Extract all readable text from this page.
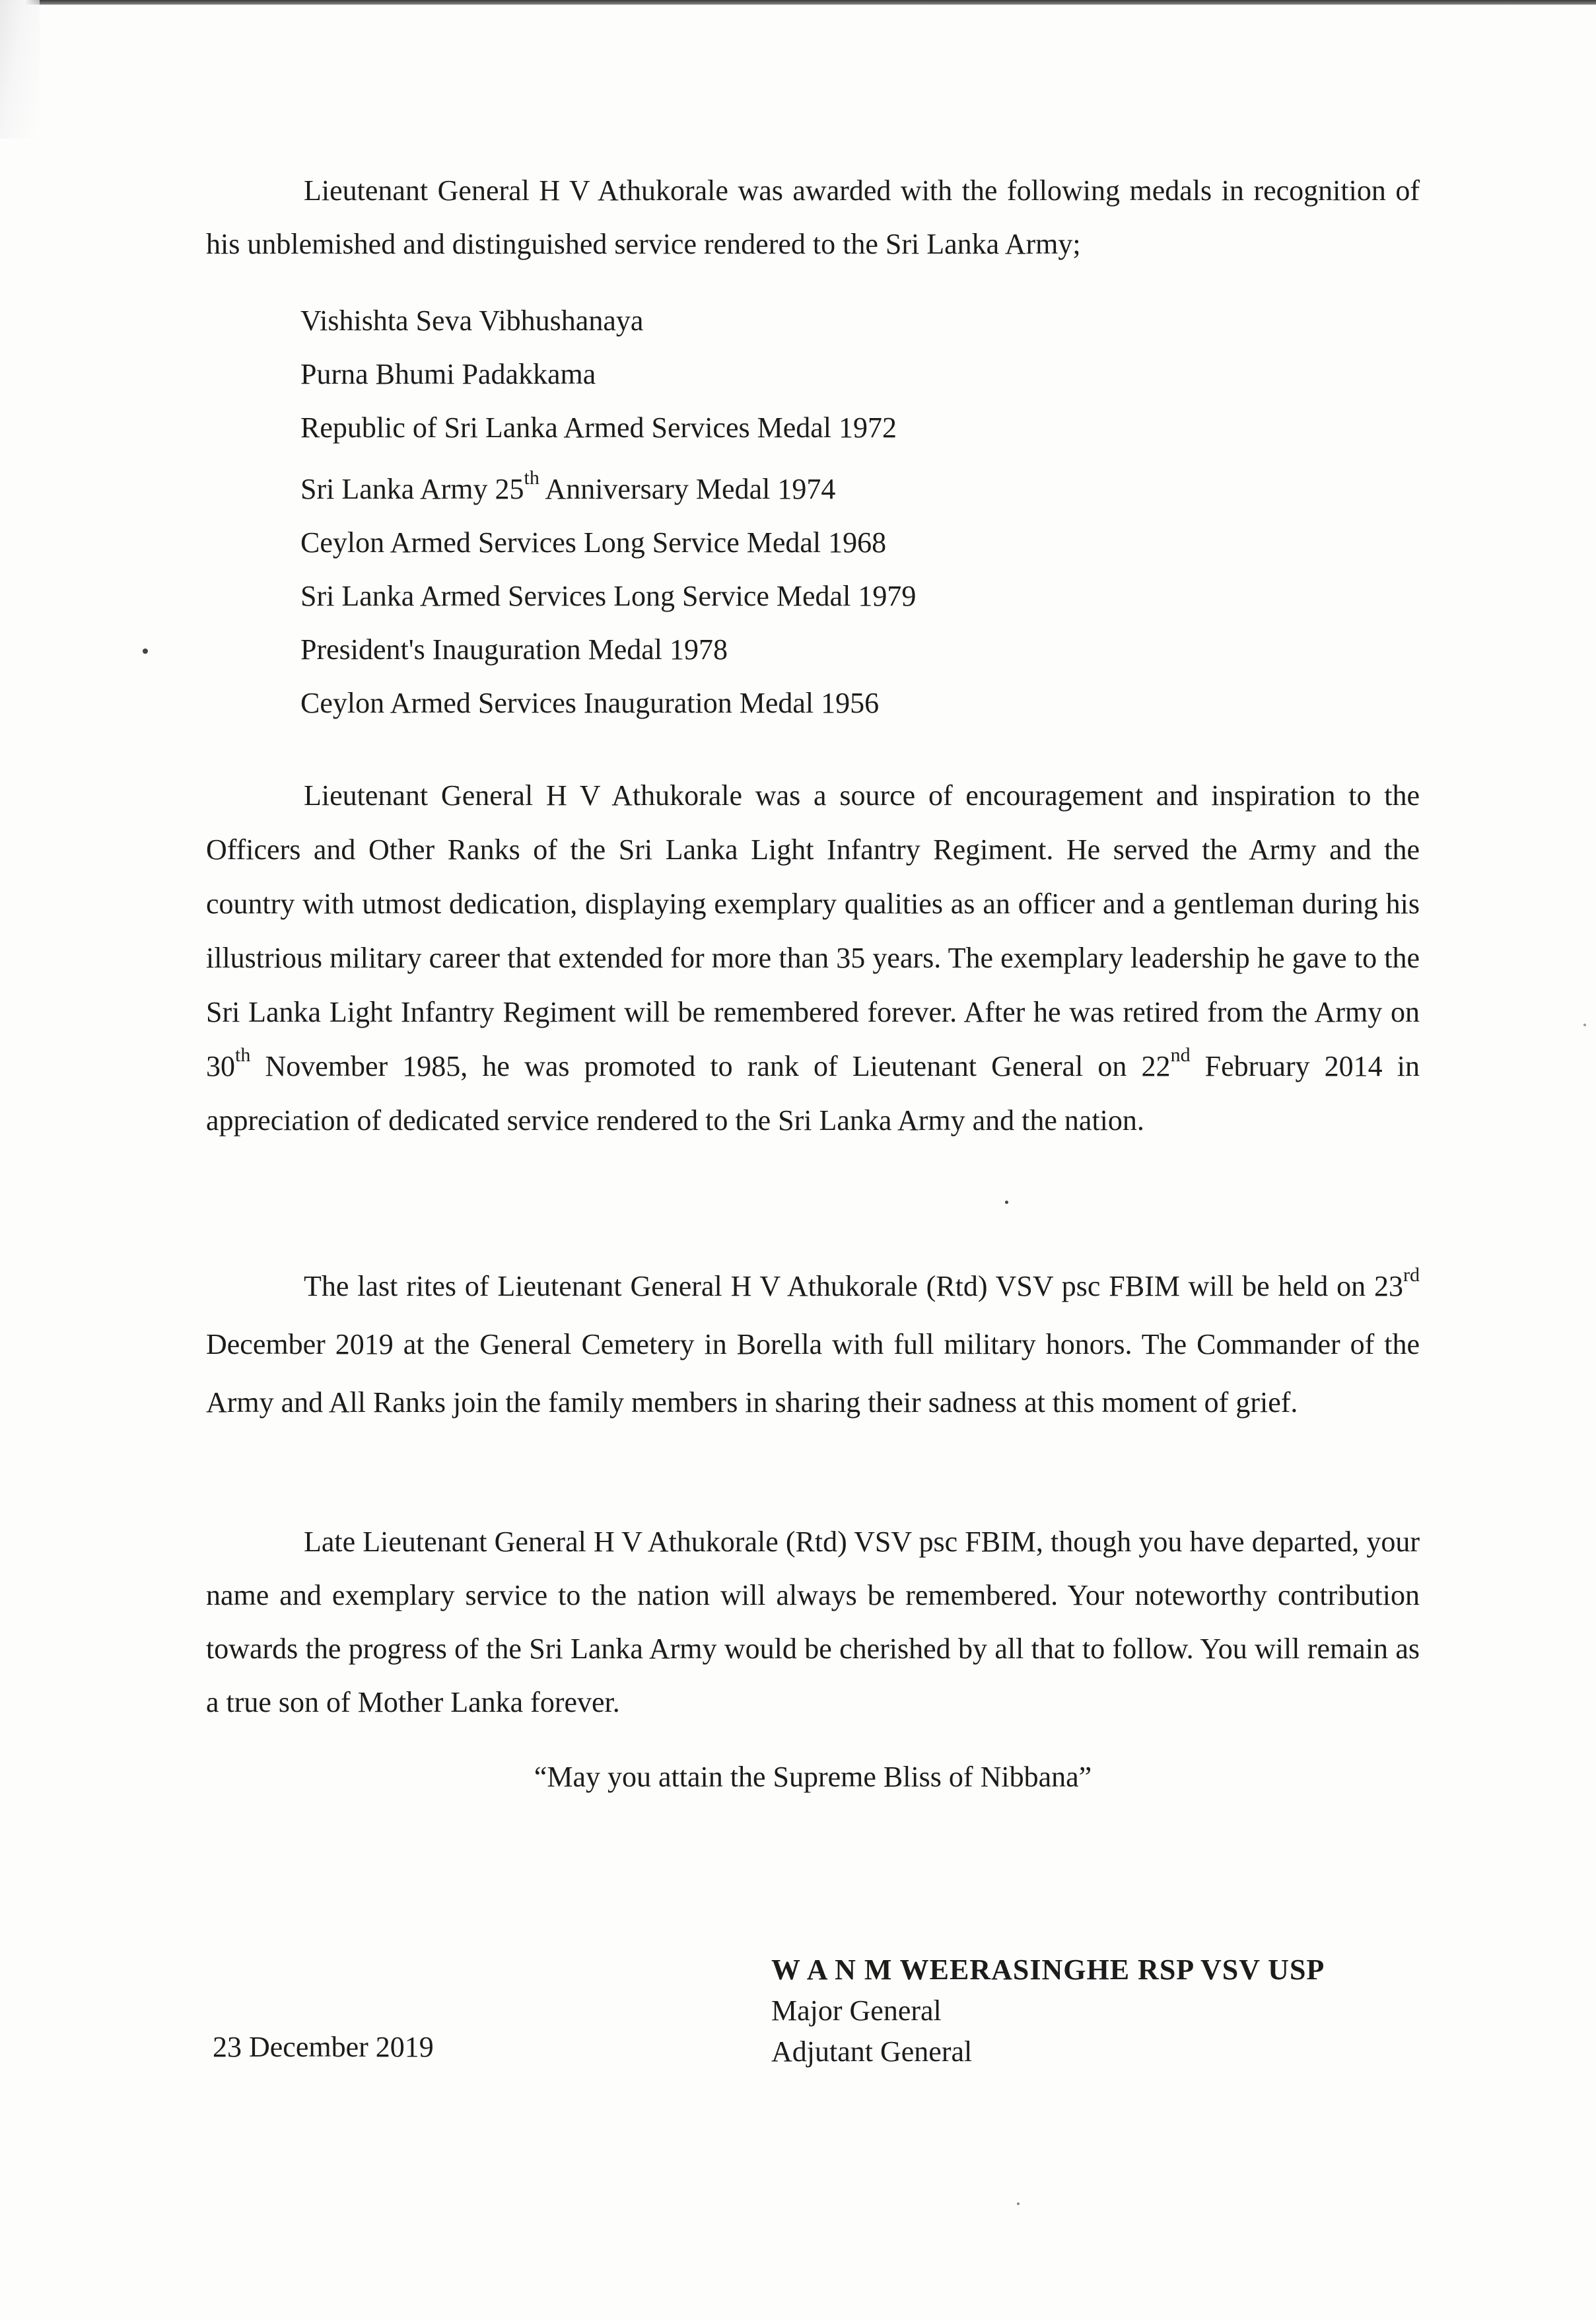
Lieutenant General H V Athukorale was awarded with the following medals in recognition of his unblemished and distinguished service rendered to the Sri Lanka Army;

Vishishta Seva Vibhushanaya
Purna Bhumi Padakkama
Republic of Sri Lanka Armed Services Medal 1972
Sri Lanka Army 25th Anniversary Medal 1974
Ceylon Armed Services Long Service Medal 1968
Sri Lanka Armed Services Long Service Medal 1979
President's Inauguration Medal 1978
Ceylon Armed Services Inauguration Medal 1956

Lieutenant General H V Athukorale was a source of encouragement and inspiration to the Officers and Other Ranks of the Sri Lanka Light Infantry Regiment. He served the Army and the country with utmost dedication, displaying exemplary qualities as an officer and a gentleman during his illustrious military career that extended for more than 35 years. The exemplary leadership he gave to the Sri Lanka Light Infantry Regiment will be remembered forever. After he was retired from the Army on 30th November 1985, he was promoted to rank of Lieutenant General on 22nd February 2014 in appreciation of dedicated service rendered to the Sri Lanka Army and the nation.

The last rites of Lieutenant General H V Athukorale (Rtd) VSV psc FBIM will be held on 23rd December 2019 at the General Cemetery in Borella with full military honors. The Commander of the Army and All Ranks join the family members in sharing their sadness at this moment of grief.

Late Lieutenant General H V Athukorale (Rtd) VSV psc FBIM, though you have departed, your name and exemplary service to the nation will always be remembered. Your noteworthy contribution towards the progress of the Sri Lanka Army would be cherished by all that to follow. You will remain as a true son of Mother Lanka forever.

“May you attain the Supreme Bliss of Nibbana”

W A N M WEERASINGHE RSP VSV USP
Major General
Adjutant General

23 December 2019
